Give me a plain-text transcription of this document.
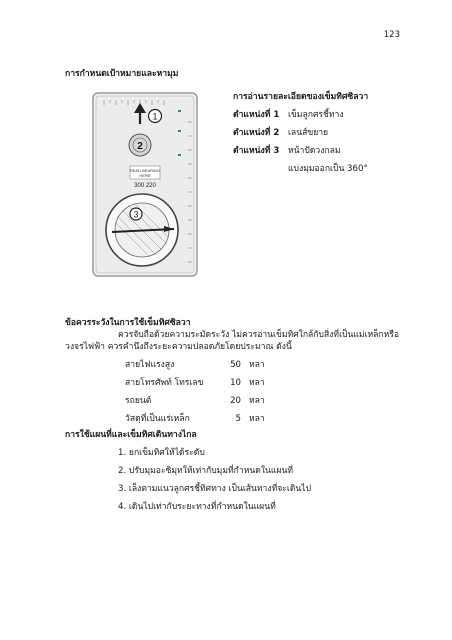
123
การกำหนดเป้าหมายและหามุม
การอ่านรายละเอียดของเข็มทิศซิลวา
ตำแหน่งที่ 1 เข็มลูกศรชี้ทาง
ตำแหน่งที่ 2 เลนส์ขยาย
ตำแหน่งที่ 3 หน้าปัดวงกลม
แบ่งมุมออกเป็น 360°
1
2
READ BEARING
HERE
300 220
3
ข้อควรระวังในการใช้เข็มทิศซิลวา
ควรจับถือด้วยความระมัดระวัง ไม่ควรอ่านเข็มทิศใกล้กับสิ่งที่เป็นแม่เหล็กหรือ
วงจรไฟฟ้า ควรคำนึงถึงระยะความปลอดภัยโดยประมาณ ดังนี้
สายไฟแรงสูง	50 หลา
สายโทรศัพท์ โทรเลข	10 หลา
รถยนต์	20 หลา
วัสดุที่เป็นแร่เหล็ก	5 หลา
การใช้แผนที่และเข็มทิศเดินทางไกล
1. ยกเข็มทิศให้ได้ระดับ
2. ปรับมุมอะซิมุทให้เท่ากับมุมที่กำหนดในแผนที่
3. เล็งตามแนวลูกศรชี้ทิศทาง เป็นเส้นทางที่จะเดินไป
4. เดินไปเท่ากับระยะทางที่กำหนดในแผนที่
